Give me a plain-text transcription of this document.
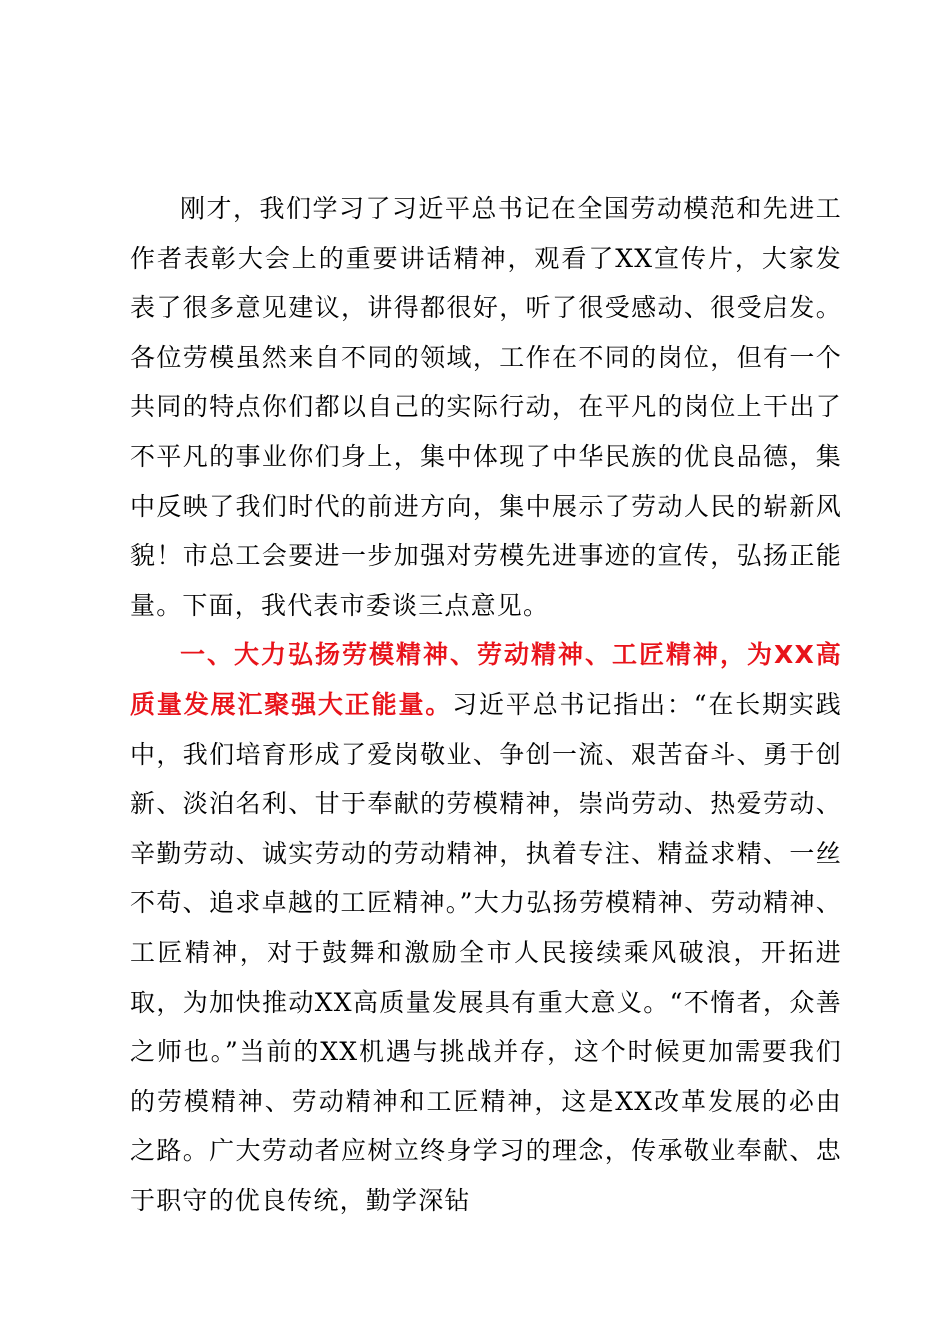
刚才，我们学习了习近平总书记在全国劳动模范和先进工作者表彰大会上的重要讲话精神，观看了XX宣传片，大家发表了很多意见建议，讲得都很好，听了很受感动、很受启发。各位劳模虽然来自不同的领域，工作在不同的岗位，但有一个共同的特点你们都以自己的实际行动，在平凡的岗位上干出了不平凡的事业你们身上，集中体现了中华民族的优良品德，集中反映了我们时代的前进方向，集中展示了劳动人民的崭新风貌！市总工会要进一步加强对劳模先进事迹的宣传，弘扬正能量。下面，我代表市委谈三点意见。

一、大力弘扬劳模精神、劳动精神、工匠精神，为XX高质量发展汇聚强大正能量。习近平总书记指出：“在长期实践中，我们培育形成了爱岗敬业、争创一流、艰苦奋斗、勇于创新、淡泊名利、甘于奉献的劳模精神，崇尚劳动、热爱劳动、辛勤劳动、诚实劳动的劳动精神，执着专注、精益求精、一丝不苟、追求卓越的工匠精神。”大力弘扬劳模精神、劳动精神、工匠精神，对于鼓舞和激励全市人民接续乘风破浪，开拓进取，为加快推动XX高质量发展具有重大意义。“不惰者，众善之师也。”当前的XX机遇与挑战并存，这个时候更加需要我们的劳模精神、劳动精神和工匠精神，这是XX改革发展的必由之路。广大劳动者应树立终身学习的理念，传承敬业奉献、忠于职守的优良传统，勤学深钻
